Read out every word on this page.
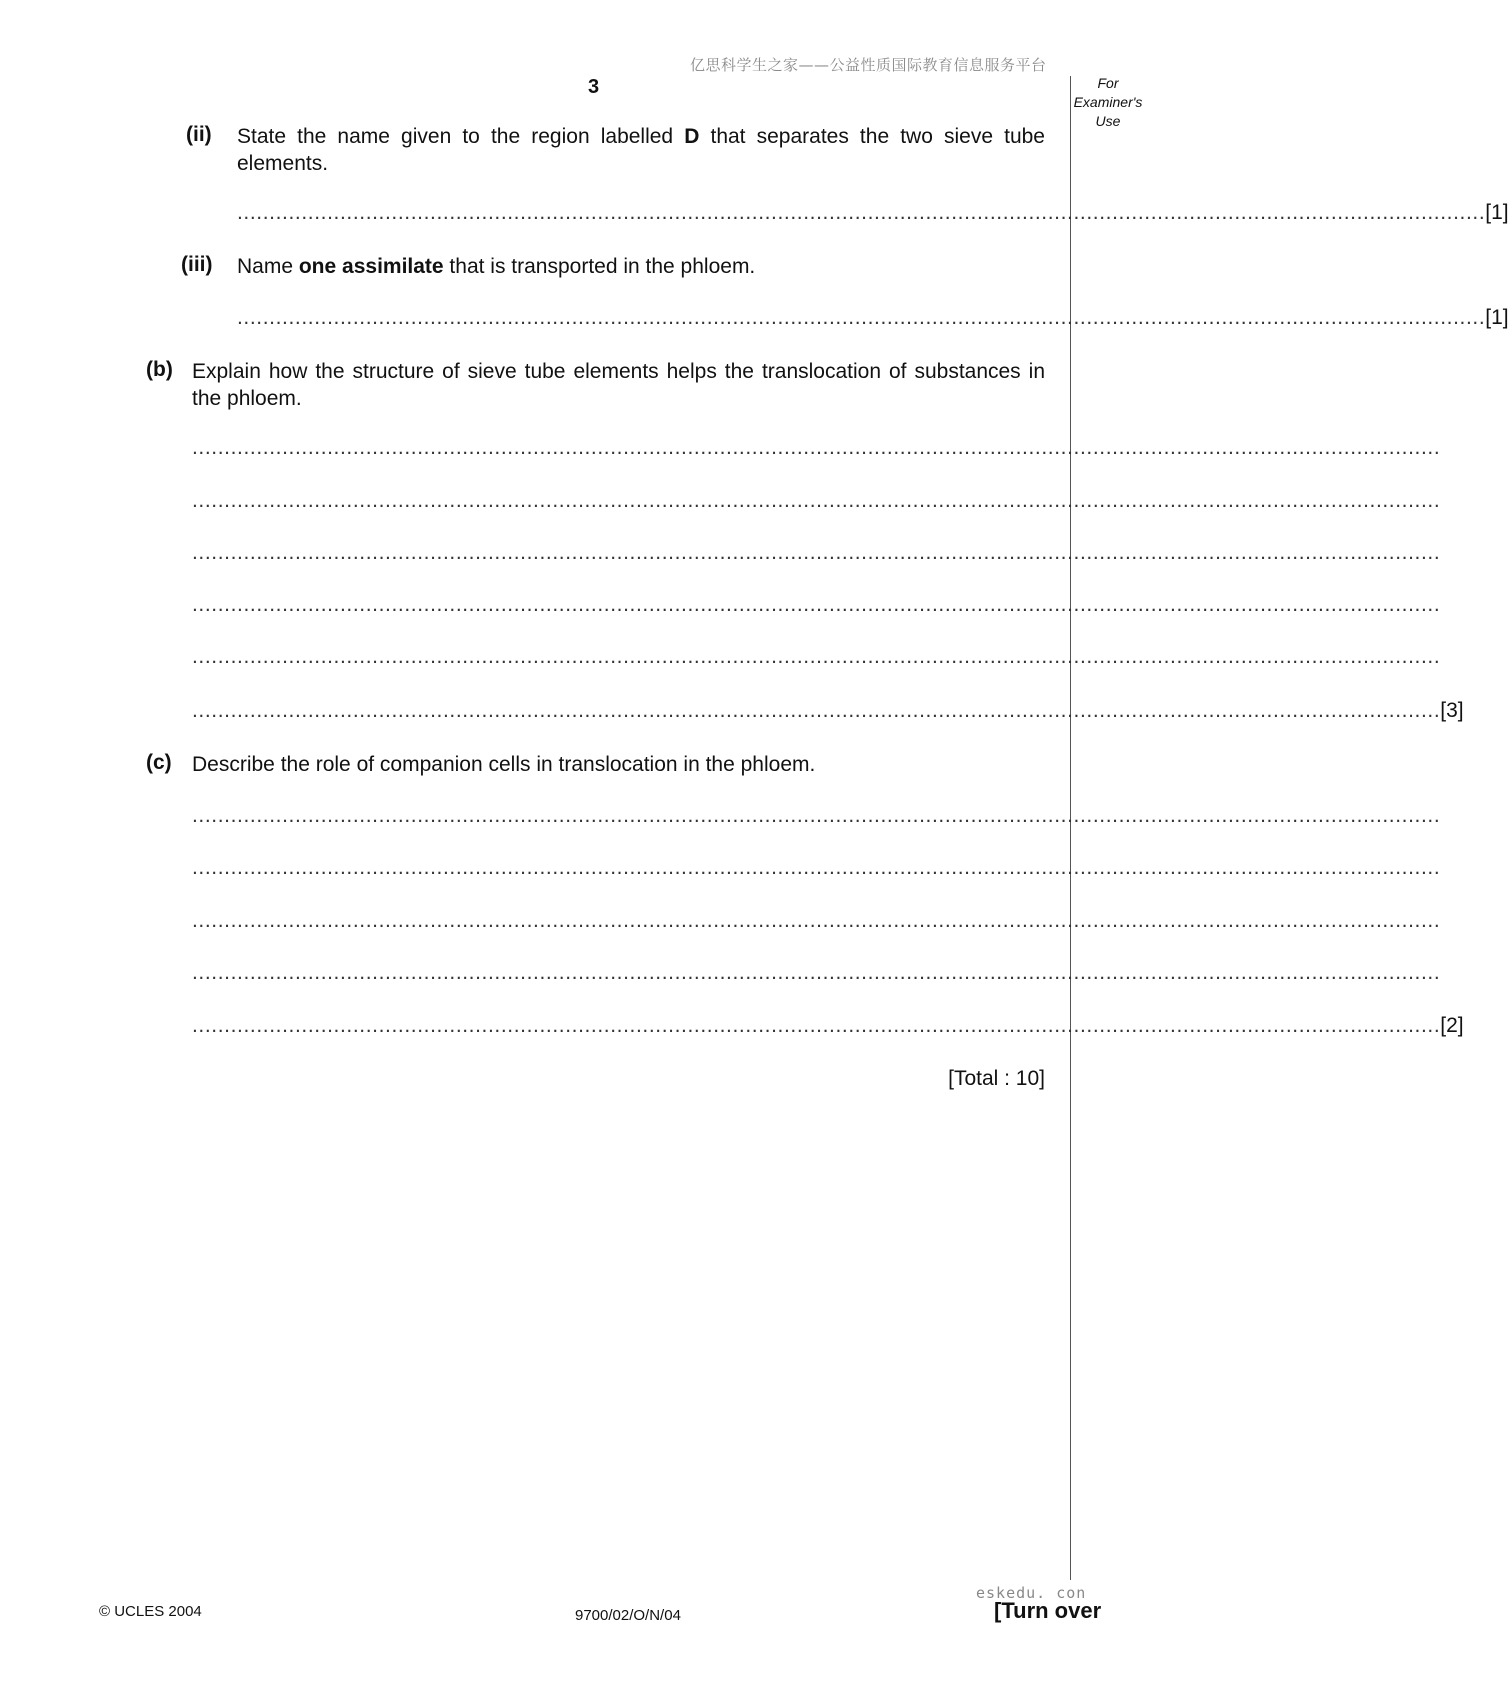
亿思科学生之家——公益性质国际教育信息服务平台
3	For
Examiner's
Use
(ii) State the name given to the region labelled D that separates the two sieve tube elements.
.................................................................................................................................................................................................. [1]
(iii) Name one assimilate that is transported in the phloem.
.................................................................................................................................................................................................. [1]
(b) Explain how the structure of sieve tube elements helps the translocation of substances in the phloem.
..................................................................................................................................................................................................
..................................................................................................................................................................................................
..................................................................................................................................................................................................
..................................................................................................................................................................................................
..................................................................................................................................................................................................
.................................................................................................................................................................................................. [3]
(c) Describe the role of companion cells in translocation in the phloem.
..................................................................................................................................................................................................
..................................................................................................................................................................................................
..................................................................................................................................................................................................
..................................................................................................................................................................................................
.................................................................................................................................................................................................. [2]
[Total : 10]
© UCLES 2004	9700/02/O/N/04
eskedu. con
[Turn over
